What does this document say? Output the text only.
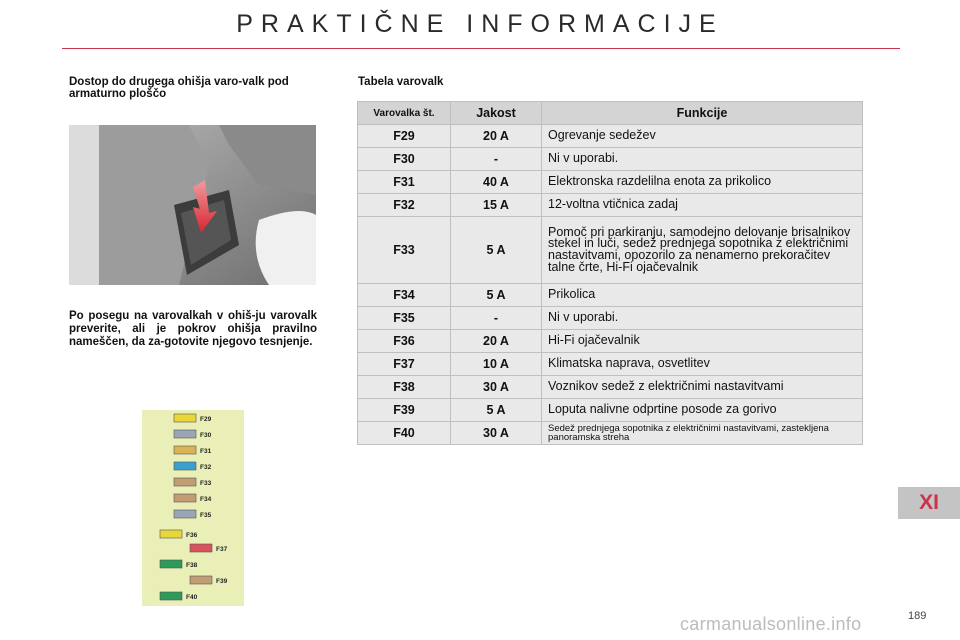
PRAKTIČNE INFORMACIJE
Dostop do drugega ohišja varo-valk pod armaturno ploščo
Po posegu na varovalkah v ohiš-ju varovalk preverite, ali je pokrov ohišja pravilno nameščen, da za-gotovite njegovo tesnjenje.
F29
F30
F31
F32
F33
F34
F35
F36
F37
F38
F39
F40
Tabela varovalk
Varovalka št.	Jakost	Funkcije
F29	20 A	Ogrevanje sedežev
F30	-	Ni v uporabi.
F31	40 A	Elektronska razdelilna enota za prikolico
F32	15 A	12-voltna vtičnica zadaj
F33	5 A	Pomoč pri parkiranju, samodejno delovanje brisalnikov stekel in luči, sedež prednjega sopotnika z električnimi nastavitvami, opozorilo za nenamerno prekoračitev talne črte, Hi-Fi ojačevalnik
F34	5 A	Prikolica
F35	-	Ni v uporabi.
F36	20 A	Hi-Fi ojačevalnik
F37	10 A	Klimatska naprava, osvetlitev
F38	30 A	Voznikov sedež z električnimi nastavitvami
F39	5 A	Loputa nalivne odprtine posode za gorivo
F40	30 A	Sedež prednjega sopotnika z električnimi nastavitvami, zastekljena panoramska streha
XI
189
carmanualsonline.info
